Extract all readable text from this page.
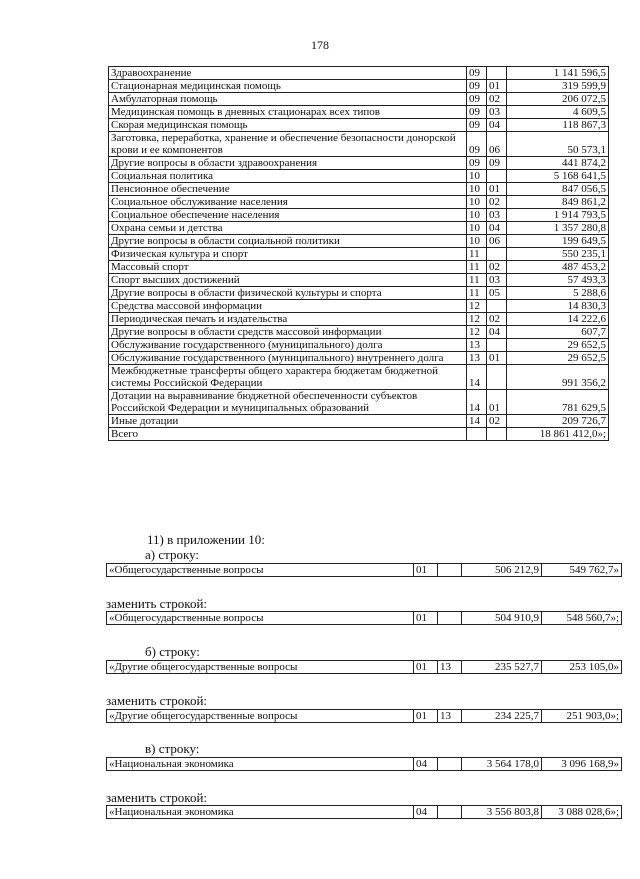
178
Здравоохранение	09		1 141 596,5
Стационарная медицинская помощь	09	01	319 599,9
Амбулаторная помощь	09	02	206 072,5
Медицинская помощь в дневных стационарах всех типов	09	03	4 609,5
Скорая медицинская помощь	09	04	118 867,3
Заготовка, переработка, хранение и обеспечение безопасности донорской крови и ее компонентов	09	06	50 573,1
Другие вопросы в области здравоохранения	09	09	441 874,2
Социальная политика	10		5 168 641,5
Пенсионное обеспечение	10	01	847 056,5
Социальное обслуживание населения	10	02	849 861,2
Социальное обеспечение населения	10	03	1 914 793,5
Охрана семьи и детства	10	04	1 357 280,8
Другие вопросы в области социальной политики	10	06	199 649,5
Физическая культура и спорт	11		550 235,1
Массовый спорт	11	02	487 453,2
Спорт высших достижений	11	03	57 493,3
Другие вопросы в области физической культуры и спорта	11	05	5 288,6
Средства массовой информации	12		14 830,3
Периодическая печать и издательства	12	02	14 222,6
Другие вопросы в области средств массовой информации	12	04	607,7
Обслуживание государственного (муниципального) долга	13		29 652,5
Обслуживание государственного (муниципального) внутреннего долга	13	01	29 652,5
Межбюджетные трансферты общего характера бюджетам бюджетной системы Российской Федерации	14		991 356,2
Дотации на выравнивание бюджетной обеспеченности субъектов Российской Федерации и муниципальных образований	14	01	781 629,5
Иные дотации	14	02	209 726,7
Всего			18 861 412,0»;
11) в приложении 10:
а) строку:
«Общегосударственные вопросы	01		506 212,9	549 762,7»
заменить строкой:
«Общегосударственные вопросы	01		504 910,9	548 560,7»;
б) строку:
«Другие общегосударственные вопросы	01	13	235 527,7	253 105,0»
заменить строкой:
«Другие общегосударственные вопросы	01	13	234 225,7	251 903,0»;
в) строку:
«Национальная экономика	04		3 564 178,0	3 096 168,9»
заменить строкой:
«Национальная экономика	04		3 556 803,8	3 088 028,6»;
